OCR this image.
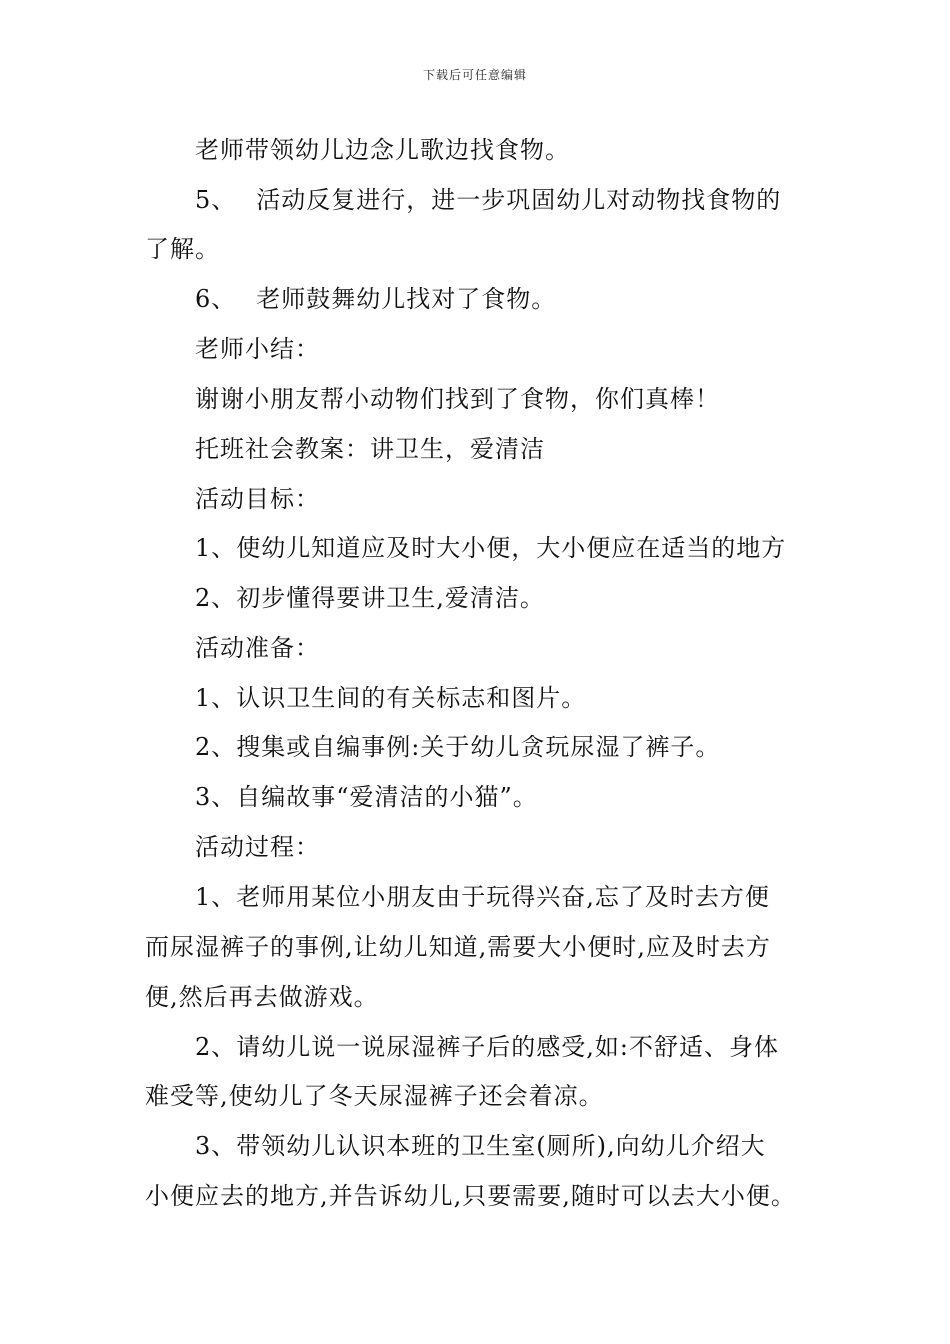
下载后可任意编辑
老师带领幼儿边念儿歌边找食物。
5、 活动反复进行，进一步巩固幼儿对动物找食物的
了解。
6、 老师鼓舞幼儿找对了食物。
老师小结：
谢谢小朋友帮小动物们找到了食物，你们真棒！
托班社会教案：讲卫生，爱清洁
活动目标：
1、使幼儿知道应及时大小便，大小便应在适当的地方
2、初步懂得要讲卫生,爱清洁。
活动准备：
1、认识卫生间的有关标志和图片。
2、搜集或自编事例:关于幼儿贪玩尿湿了裤子。
3、自编故事“爱清洁的小猫”。
活动过程：
1、老师用某位小朋友由于玩得兴奋,忘了及时去方便
而尿湿裤子的事例,让幼儿知道,需要大小便时,应及时去方
便,然后再去做游戏。
2、请幼儿说一说尿湿裤子后的感受,如:不舒适、身体
难受等,使幼儿了冬天尿湿裤子还会着凉。
3、带领幼儿认识本班的卫生室(厕所),向幼儿介绍大
小便应去的地方,并告诉幼儿,只要需要,随时可以去大小便。
